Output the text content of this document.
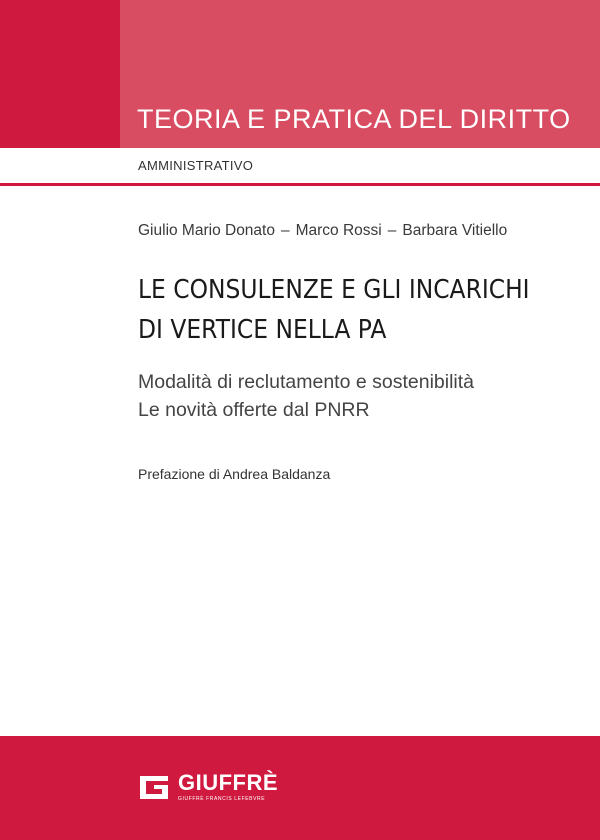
TEORIA E PRATICA DEL DIRITTO
AMMINISTRATIVO
Giulio Mario Donato – Marco Rossi – Barbara Vitiello
LE CONSULENZE E GLI INCARICHI
DI VERTICE NELLA PA
Modalità di reclutamento e sostenibilità
Le novità offerte dal PNRR
Prefazione di Andrea Baldanza
GIUFFRÈ
GIUFFRÈ FRANCIS LEFEBVRE
